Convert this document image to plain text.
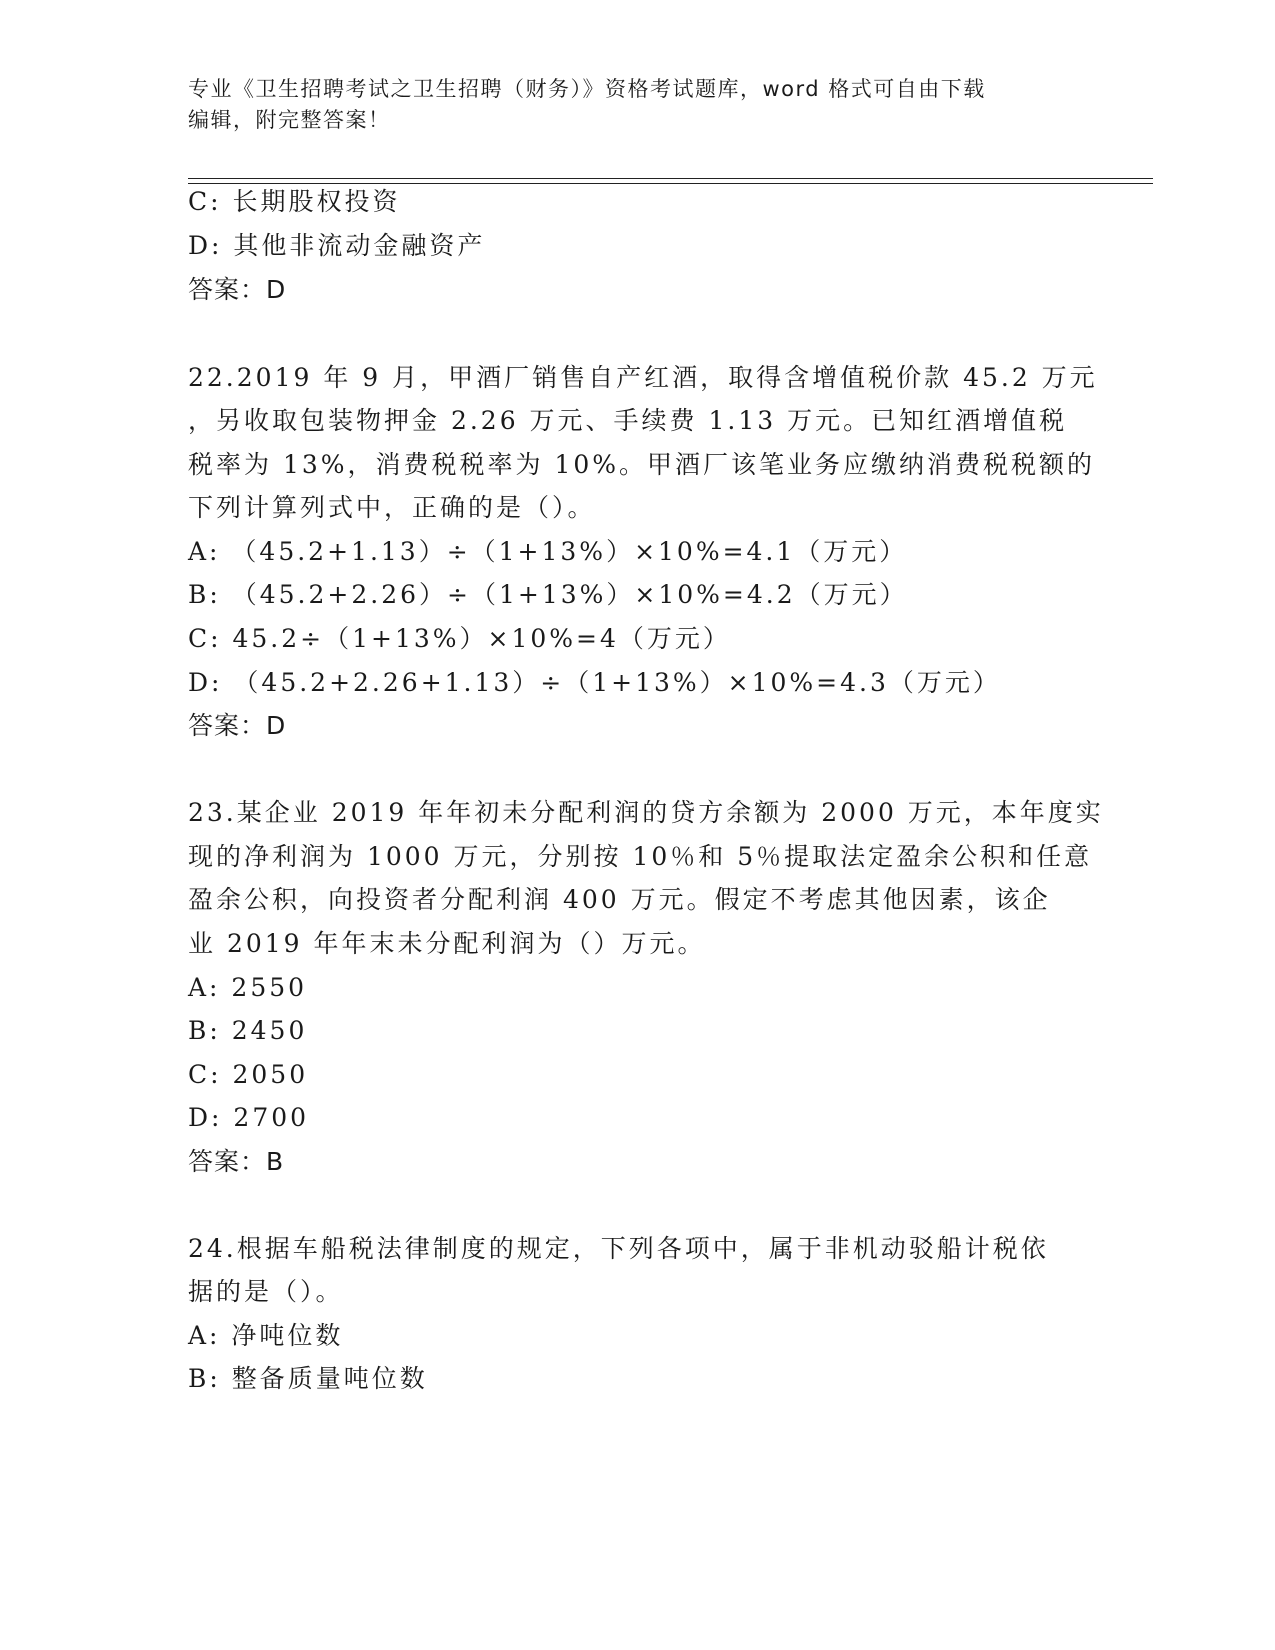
专业《卫生招聘考试之卫生招聘（财务）》资格考试题库，word 格式可自由下载
编辑，附完整答案！
C: 长期股权投资
D: 其他非流动金融资产
答案：D
22.2019 年 9 月，甲酒厂销售自产红酒，取得含增值税价款 45.2 万元
，另收取包装物押金 2.26 万元、手续费 1.13 万元。已知红酒增值税
税率为 13%，消费税税率为 10%。甲酒厂该笔业务应缴纳消费税税额的
下列计算列式中，正确的是（）。
A: （45.2+1.13）÷（1+13%）×10%=4.1（万元）
B: （45.2+2.26）÷（1+13%）×10%=4.2（万元）
C: 45.2÷（1+13%）×10%=4（万元）
D: （45.2+2.26+1.13）÷（1+13%）×10%=4.3（万元）
答案：D
23.某企业 2019 年年初未分配利润的贷方余额为 2000 万元，本年度实
现的净利润为 1000 万元，分别按 10％和 5％提取法定盈余公积和任意
盈余公积，向投资者分配利润 400 万元。假定不考虑其他因素，该企
业 2019 年年末未分配利润为（）万元。
A: 2550
B: 2450
C: 2050
D: 2700
答案：B
24.根据车船税法律制度的规定，下列各项中，属于非机动驳船计税依
据的是（）。
A: 净吨位数
B: 整备质量吨位数
